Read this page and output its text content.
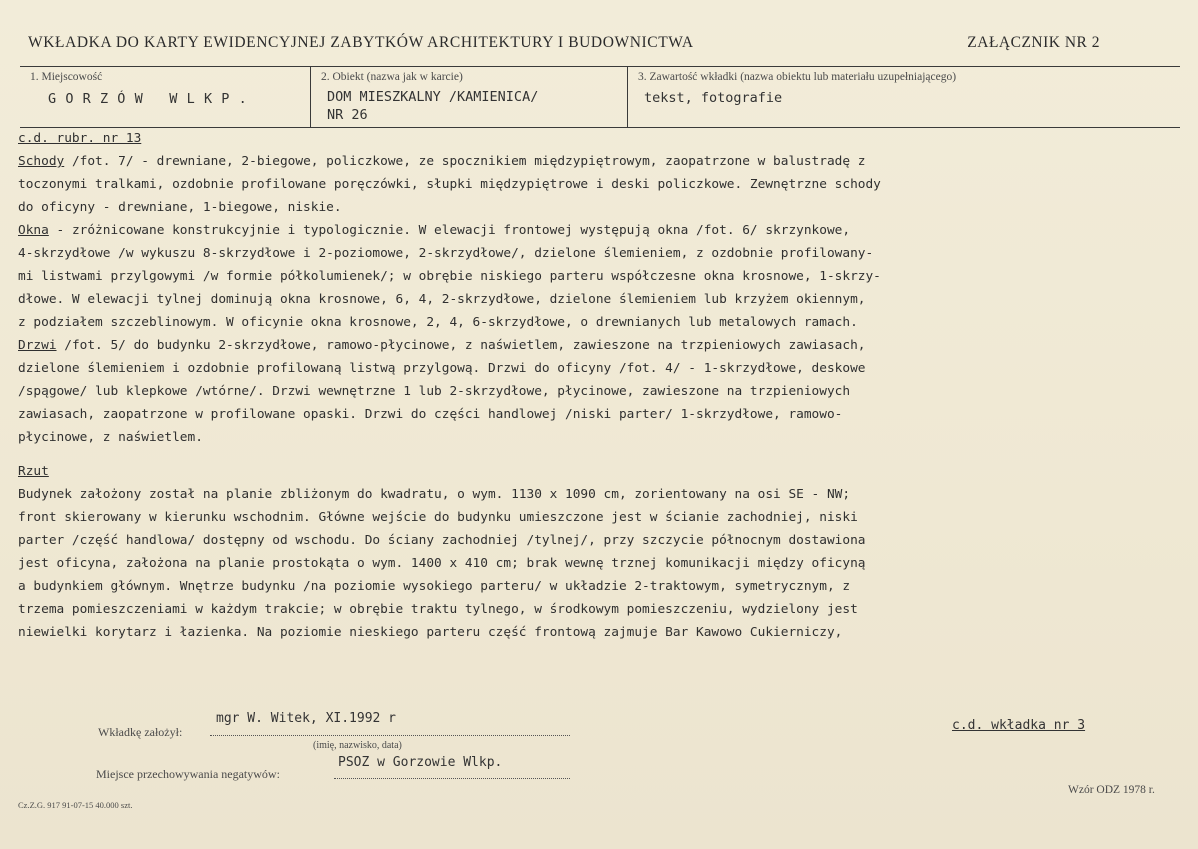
WKŁADKA DO KARTY EWIDENCYJNEJ ZABYTKÓW ARCHITEKTURY I BUDOWNICTWA	ZAŁĄCZNIK NR 2
1. Miejscowość
GORZÓW WLKP.
2. Obiekt (nazwa jak w karcie)
DOM MIESZKALNY /KAMIENICA/
NR 26
3. Zawartość wkładki (nazwa obiektu lub materiału uzupełniającego)
tekst, fotografie
c.d. rubr. nr 13
Schody /fot. 7/ - drewniane, 2-biegowe, policzkowe, ze spocznikiem międzypiętrowym, zaopatrzone w balustradę z
toczonymi tralkami, ozdobnie profilowane poręczówki, słupki międzypiętrowe i deski policzkowe. Zewnętrzne schody
do oficyny - drewniane, 1-biegowe, niskie.
Okna - zróżnicowane konstrukcyjnie i typologicznie. W elewacji frontowej występują okna /fot. 6/ skrzynkowe,
4-skrzydłowe /w wykuszu 8-skrzydłowe i 2-poziomowe, 2-skrzydłowe/, dzielone ślemieniem, z ozdobnie profilowany-
mi listwami przylgowymi /w formie półkolumienek/; w obrębie niskiego parteru współczesne okna krosnowe, 1-skrzy-
dłowe. W elewacji tylnej dominują okna krosnowe, 6, 4, 2-skrzydłowe, dzielone ślemieniem lub krzyżem okiennym,
z podziałem szczeblinowym. W oficynie okna krosnowe, 2, 4, 6-skrzydłowe, o drewnianych lub metalowych ramach.
Drzwi /fot. 5/ do budynku 2-skrzydłowe, ramowo-płycinowe, z naświetlem, zawieszone na trzpieniowych zawiasach,
dzielone ślemieniem i ozdobnie profilowaną listwą przylgową. Drzwi do oficyny /fot. 4/ - 1-skrzydłowe, deskowe
/spągowe/ lub klepkowe /wtórne/. Drzwi wewnętrzne 1 lub 2-skrzydłowe, płycinowe, zawieszone na trzpieniowych
zawiasach, zaopatrzone w profilowane opaski. Drzwi do części handlowej /niski parter/ 1-skrzydłowe, ramowo-
płycinowe, z naświetlem.
Rzut
Budynek założony został na planie zbliżonym do kwadratu, o wym. 1130 x 1090 cm, zorientowany na osi SE - NW;
front skierowany w kierunku wschodnim. Główne wejście do budynku umieszczone jest w ścianie zachodniej, niski
parter /część handlowa/ dostępny od wschodu. Do ściany zachodniej /tylnej/, przy szczycie północnym dostawiona
jest oficyna, założona na planie prostokąta o wym. 1400 x 410 cm; brak wewnę trznej komunikacji między oficyną
a budynkiem głównym. Wnętrze budynku /na poziomie wysokiego parteru/ w układzie 2-traktowym, symetrycznym, z
trzema pomieszczeniami w każdym trakcie; w obrębie traktu tylnego, w środkowym pomieszczeniu, wydzielony jest
niewielki korytarz i łazienka. Na poziomie nieskiego parteru część frontową zajmuje Bar Kawowo Cukierniczy,
Wkładkę założył:
mgr W. Witek, XI.1992 r
(imię, nazwisko, data)
c.d. wkładka nr 3
Miejsce przechowywania negatywów:
PSOZ w Gorzowie Wlkp.
Wzór ODZ 1978 r.
Cz.Z.G. 917 91-07-15 40.000 szt.
